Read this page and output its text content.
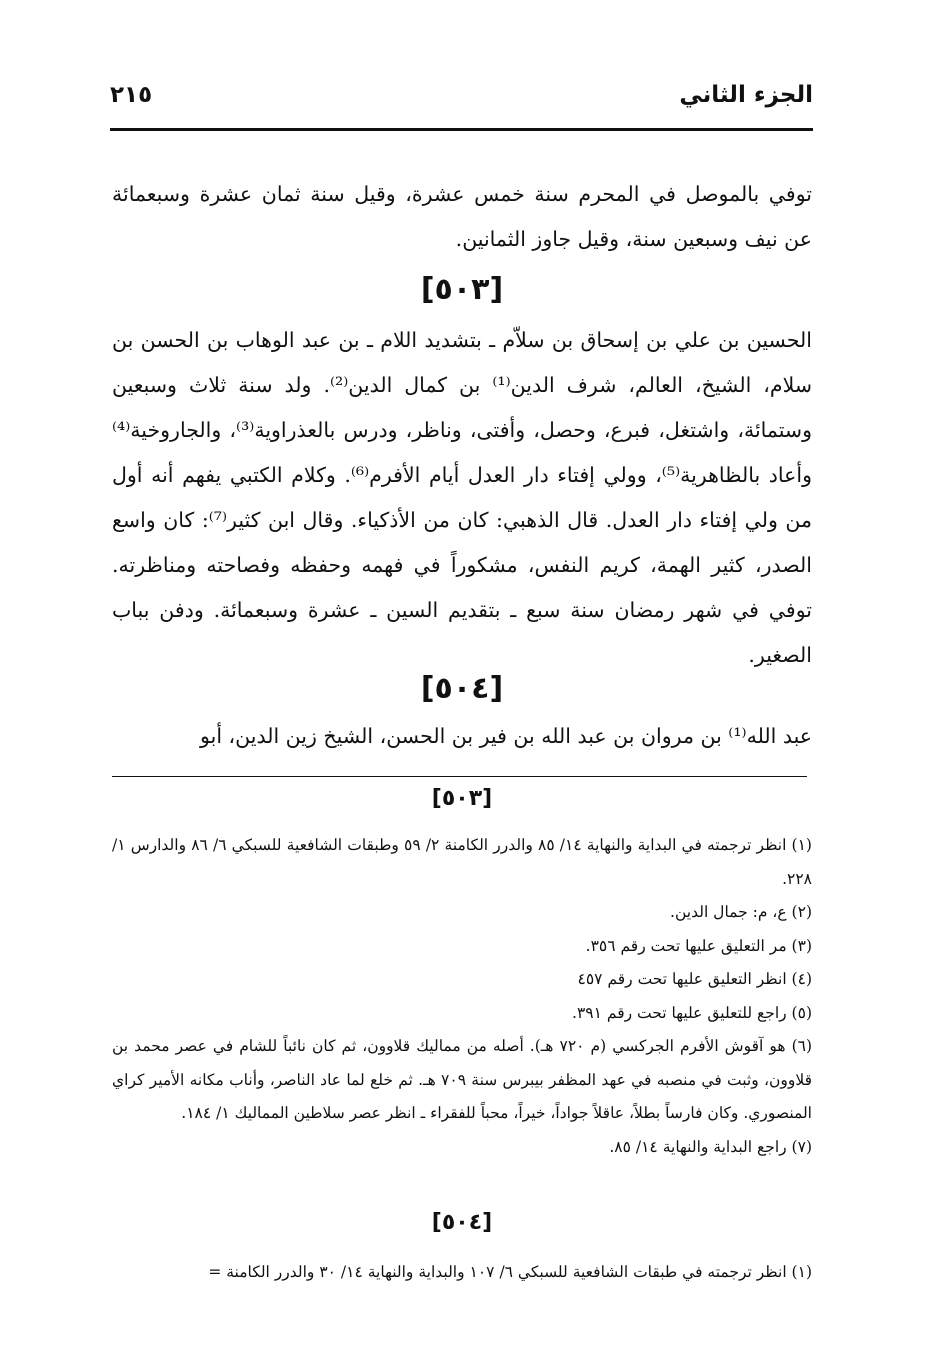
الجزء الثاني
٢١٥
توفي بالموصل في المحرم سنة خمس عشرة، وقيل سنة ثمان عشرة وسبعمائة عن نيف وسبعين سنة، وقيل جاوز الثمانين.
[٥٠٣]
الحسين بن علي بن إسحاق بن سلاّم ـ بتشديد اللام ـ بن عبد الوهاب بن الحسن بن سلام، الشيخ، العالم، شرف الدين⁽¹⁾ بن كمال الدين⁽²⁾. ولد سنة ثلاث وسبعين وستمائة، واشتغل، فبرع، وحصل، وأفتى، وناظر، ودرس بالعذراوية⁽³⁾، والجاروخية⁽⁴⁾ وأعاد بالظاهرية⁽⁵⁾، وولي إفتاء دار العدل أيام الأفرم⁽⁶⁾. وكلام الكتبي يفهم أنه أول من ولي إفتاء دار العدل. قال الذهبي: كان من الأذكياء. وقال ابن كثير⁽⁷⁾: كان واسع الصدر، كثير الهمة، كريم النفس، مشكوراً في فهمه وحفظه وفصاحته ومناظرته. توفي في شهر رمضان سنة سبع ـ بتقديم السين ـ عشرة وسبعمائة. ودفن بباب الصغير.
[٥٠٤]
عبد الله⁽¹⁾ بن مروان بن عبد الله بن فير بن الحسن، الشيخ زين الدين، أبو
[٥٠٣]
(١) انظر ترجمته في البداية والنهاية ١٤/ ٨٥ والدرر الكامنة ٢/ ٥٩ وطبقات الشافعية للسبكي ٦/ ٨٦ والدارس ١/ ٢٢٨.
(٢) ع، م: جمال الدين.
(٣) مر التعليق عليها تحت رقم ٣٥٦.
(٤) انظر التعليق عليها تحت رقم ٤٥٧
(٥) راجع للتعليق عليها تحت رقم ٣٩١.
(٦) هو آقوش الأفرم الجركسي (م ٧٢٠ هـ). أصله من مماليك قلاوون، ثم كان نائباً للشام في عصر محمد بن قلاوون، وثبت في منصبه في عهد المظفر بيبرس سنة ٧٠٩ هـ. ثم خلع لما عاد الناصر، وأناب مكانه الأمير كراي المنصوري. وكان فارساً بطلاً، عاقلاً جواداً، خيراً، محباً للفقراء ـ انظر عصر سلاطين المماليك ١/ ١٨٤.
(٧) راجع البداية والنهاية ١٤/ ٨٥.
[٥٠٤]
(١) انظر ترجمته في طبقات الشافعية للسبكي ٦/ ١٠٧ والبداية والنهاية ١٤/ ٣٠ والدرر الكامنة =
